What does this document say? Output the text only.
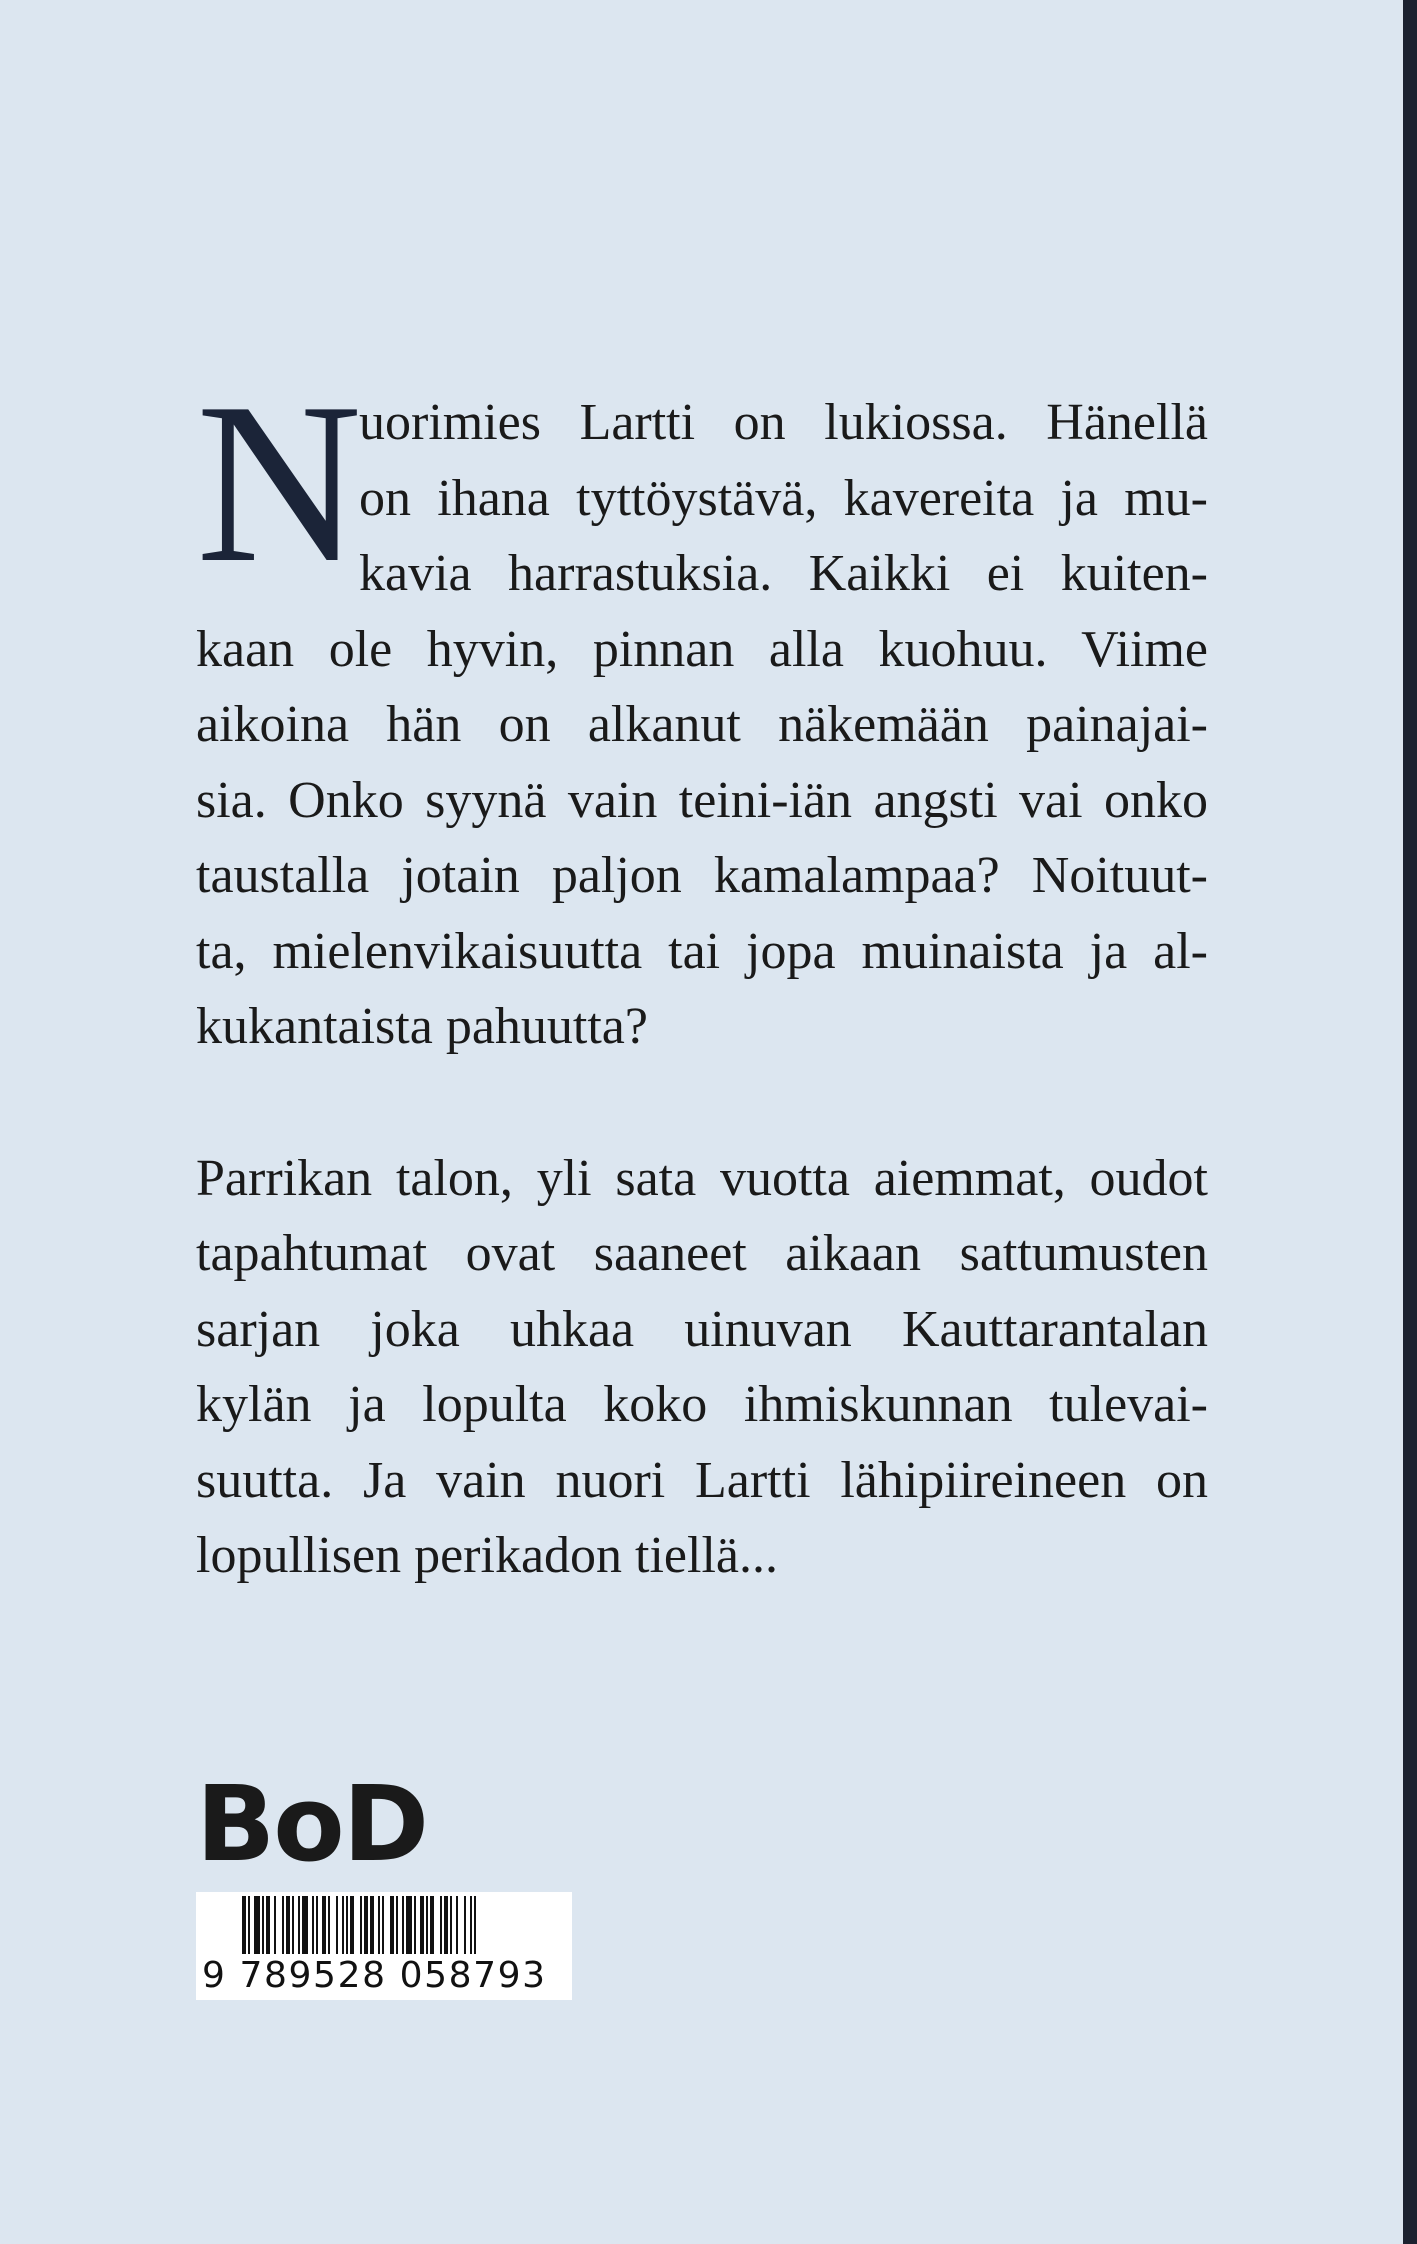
N

uorimies Lartti on lukiossa. Hänellä
on ihana tyttöystävä, kavereita ja mu-
kavia harrastuksia. Kaikki ei kuiten-
kaan ole hyvin, pinnan alla kuohuu. Viime
aikoina hän on alkanut näkemään painajai-
sia. Onko syynä vain teini-iän angsti vai onko
taustalla jotain paljon kamalampaa? Noituut-
ta, mielenvikaisuutta tai jopa muinaista ja al-
kukantaista pahuutta?

Parrikan talon, yli sata vuotta aiemmat, oudot
tapahtumat ovat saaneet aikaan sattumusten
sarjan joka uhkaa uinuvan Kauttarantalan
kylän ja lopulta koko ihmiskunnan tulevai-
suutta. Ja vain nuori Lartti lähipiireineen on
lopullisen perikadon tiellä...

BoD
9 789528 058793
